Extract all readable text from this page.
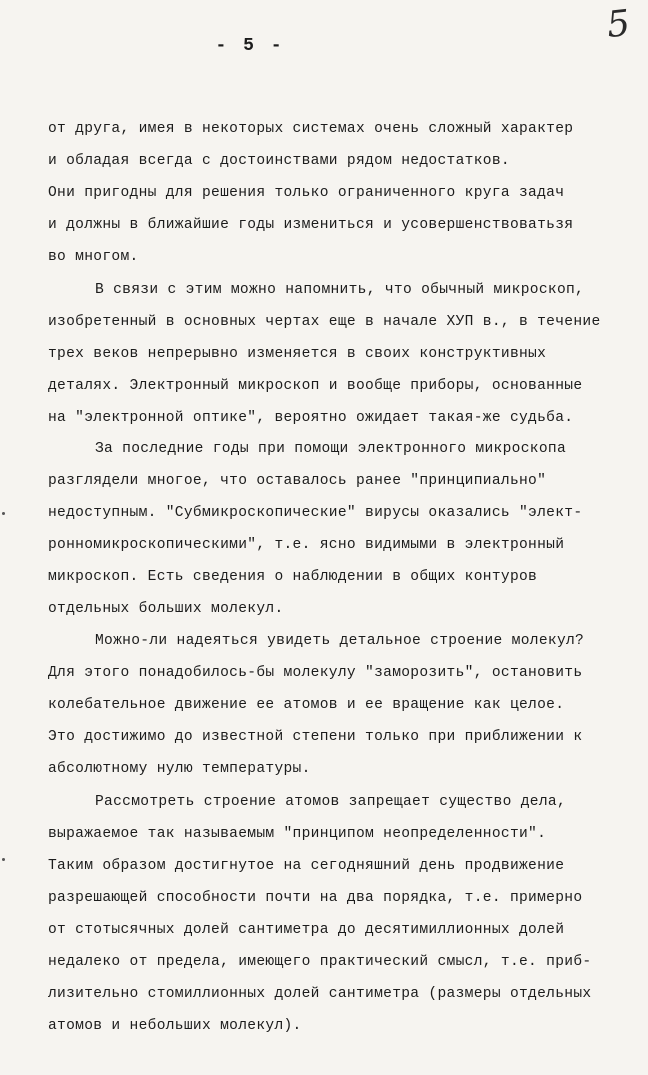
- 5 -	5
от друга, имея в некоторых системах очень сложный характер
и обладая всегда с достоинствами рядом недостатков.
Они пригодны для решения только ограниченного круга задач
и должны в ближайшие годы измениться и усовершенствоватьзя
во многом.
В связи с этим можно напомнить, что обычный микроскоп,
изобретенный в основных чертах еще в начале ХУП в., в течение
трех веков непрерывно изменяется в своих конструктивных
деталях. Электронный микроскоп и вообще приборы, основанные
на "электронной оптике", вероятно ожидает такая-же судьба.
За последние годы при помощи электронного микроскопа
разглядели многое, что оставалось ранее "принципиально"
недоступным. "Субмикроскопические" вирусы оказались "элект-
ронномикроскопическими", т.е. ясно видимыми в электронный
микроскоп. Есть сведения о наблюдении в общих контуров
отдельных больших молекул.
Можно-ли надеяться увидеть детальное строение молекул?
Для этого понадобилось-бы молекулу "заморозить", остановить
колебательное движение ее атомов и ее вращение как целое.
Это достижимо до известной степени только при приближении к
абсолютному нулю температуры.
Рассмотреть строение атомов запрещает существо дела,
выражаемое так называемым "принципом неопределенности".
Таким образом достигнутое на сегодняшний день продвижение
разрешающей способности почти на два порядка, т.е. примерно
от стотысячных долей сантиметра до десятимиллионных долей
недалеко от предела, имеющего практический смысл, т.е. приб-
лизительно стомиллионных долей сантиметра (размеры отдельных
атомов и небольших молекул).
